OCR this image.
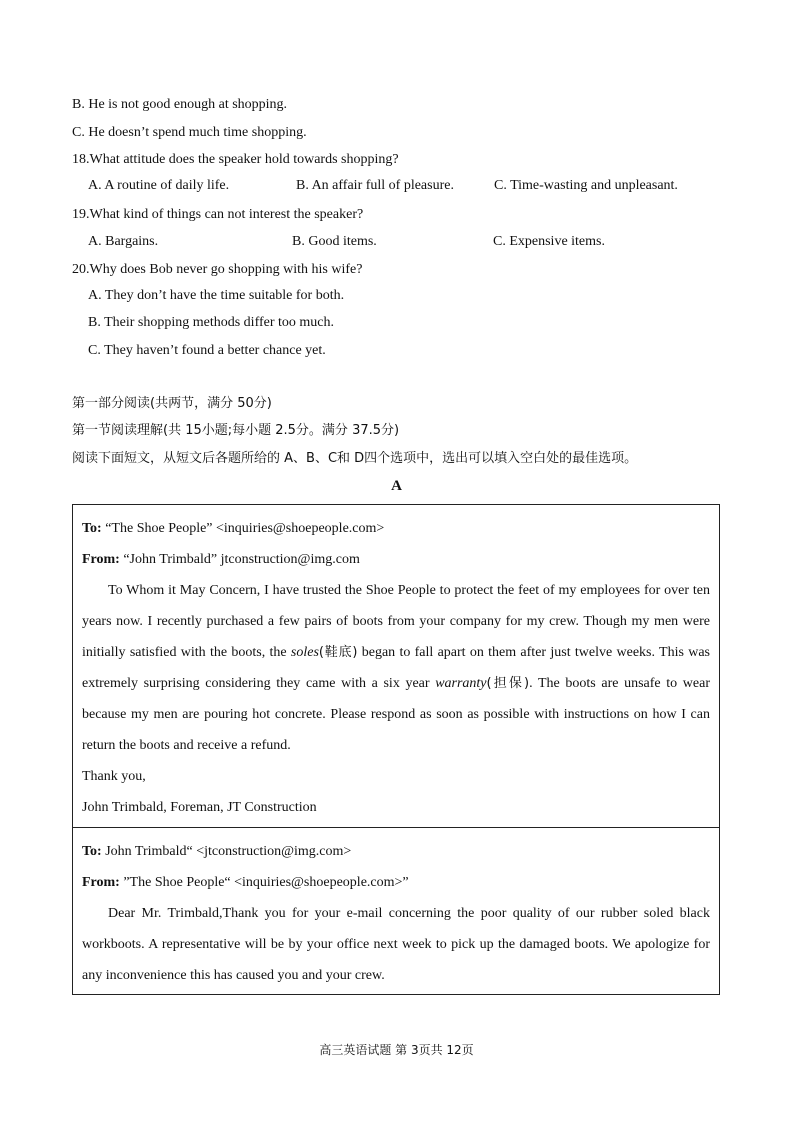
B. He is not good enough at shopping.
C. He doesn’t spend much time shopping.
18.What attitude does the speaker hold towards shopping?
A. A routine of daily life.	B. An affair full of pleasure.	C. Time-wasting and unpleasant.
19.What kind of things can not interest the speaker?
A. Bargains.	B. Good items.	C. Expensive items.
20.Why does Bob never go shopping with his wife?
A. They don’t have the time suitable for both.
B. Their shopping methods differ too much.
C. They haven’t found a better chance yet.
第一部分阅读(共两节，满分 50分)
第一节阅读理解(共 15小题;每小题 2.5分。满分 37.5分)
阅读下面短文，从短文后各题所给的 A、B、C和 D四个选项中，选出可以填入空白处的最佳选项。
A
To: “The Shoe People” <inquiries@shoepeople.com>
From: “John Trimbald” jtconstruction@img.com

To Whom it May Concern, I have trusted the Shoe People to protect the feet of my employees for over ten years now. I recently purchased a few pairs of boots from your company for my crew. Though my men were initially satisfied with the boots, the soles(鞋底) began to fall apart on them after just twelve weeks. This was extremely surprising considering they came with a six year warranty(担保). The boots are unsafe to wear because my men are pouring hot concrete. Please respond as soon as possible with instructions on how I can return the boots and receive a refund.

Thank you,
John Trimbald, Foreman, JT Construction
To: John Trimbald“ <jtconstruction@img.com>
From: ”The Shoe People“ <inquiries@shoepeople.com>”

Dear Mr. Trimbald,Thank you for your e-mail concerning the poor quality of our rubber soled black workboots. A representative will be by your office next week to pick up the damaged boots. We apologize for any inconvenience this has caused you and your crew.

高三英语试题 第 3页共 12页
